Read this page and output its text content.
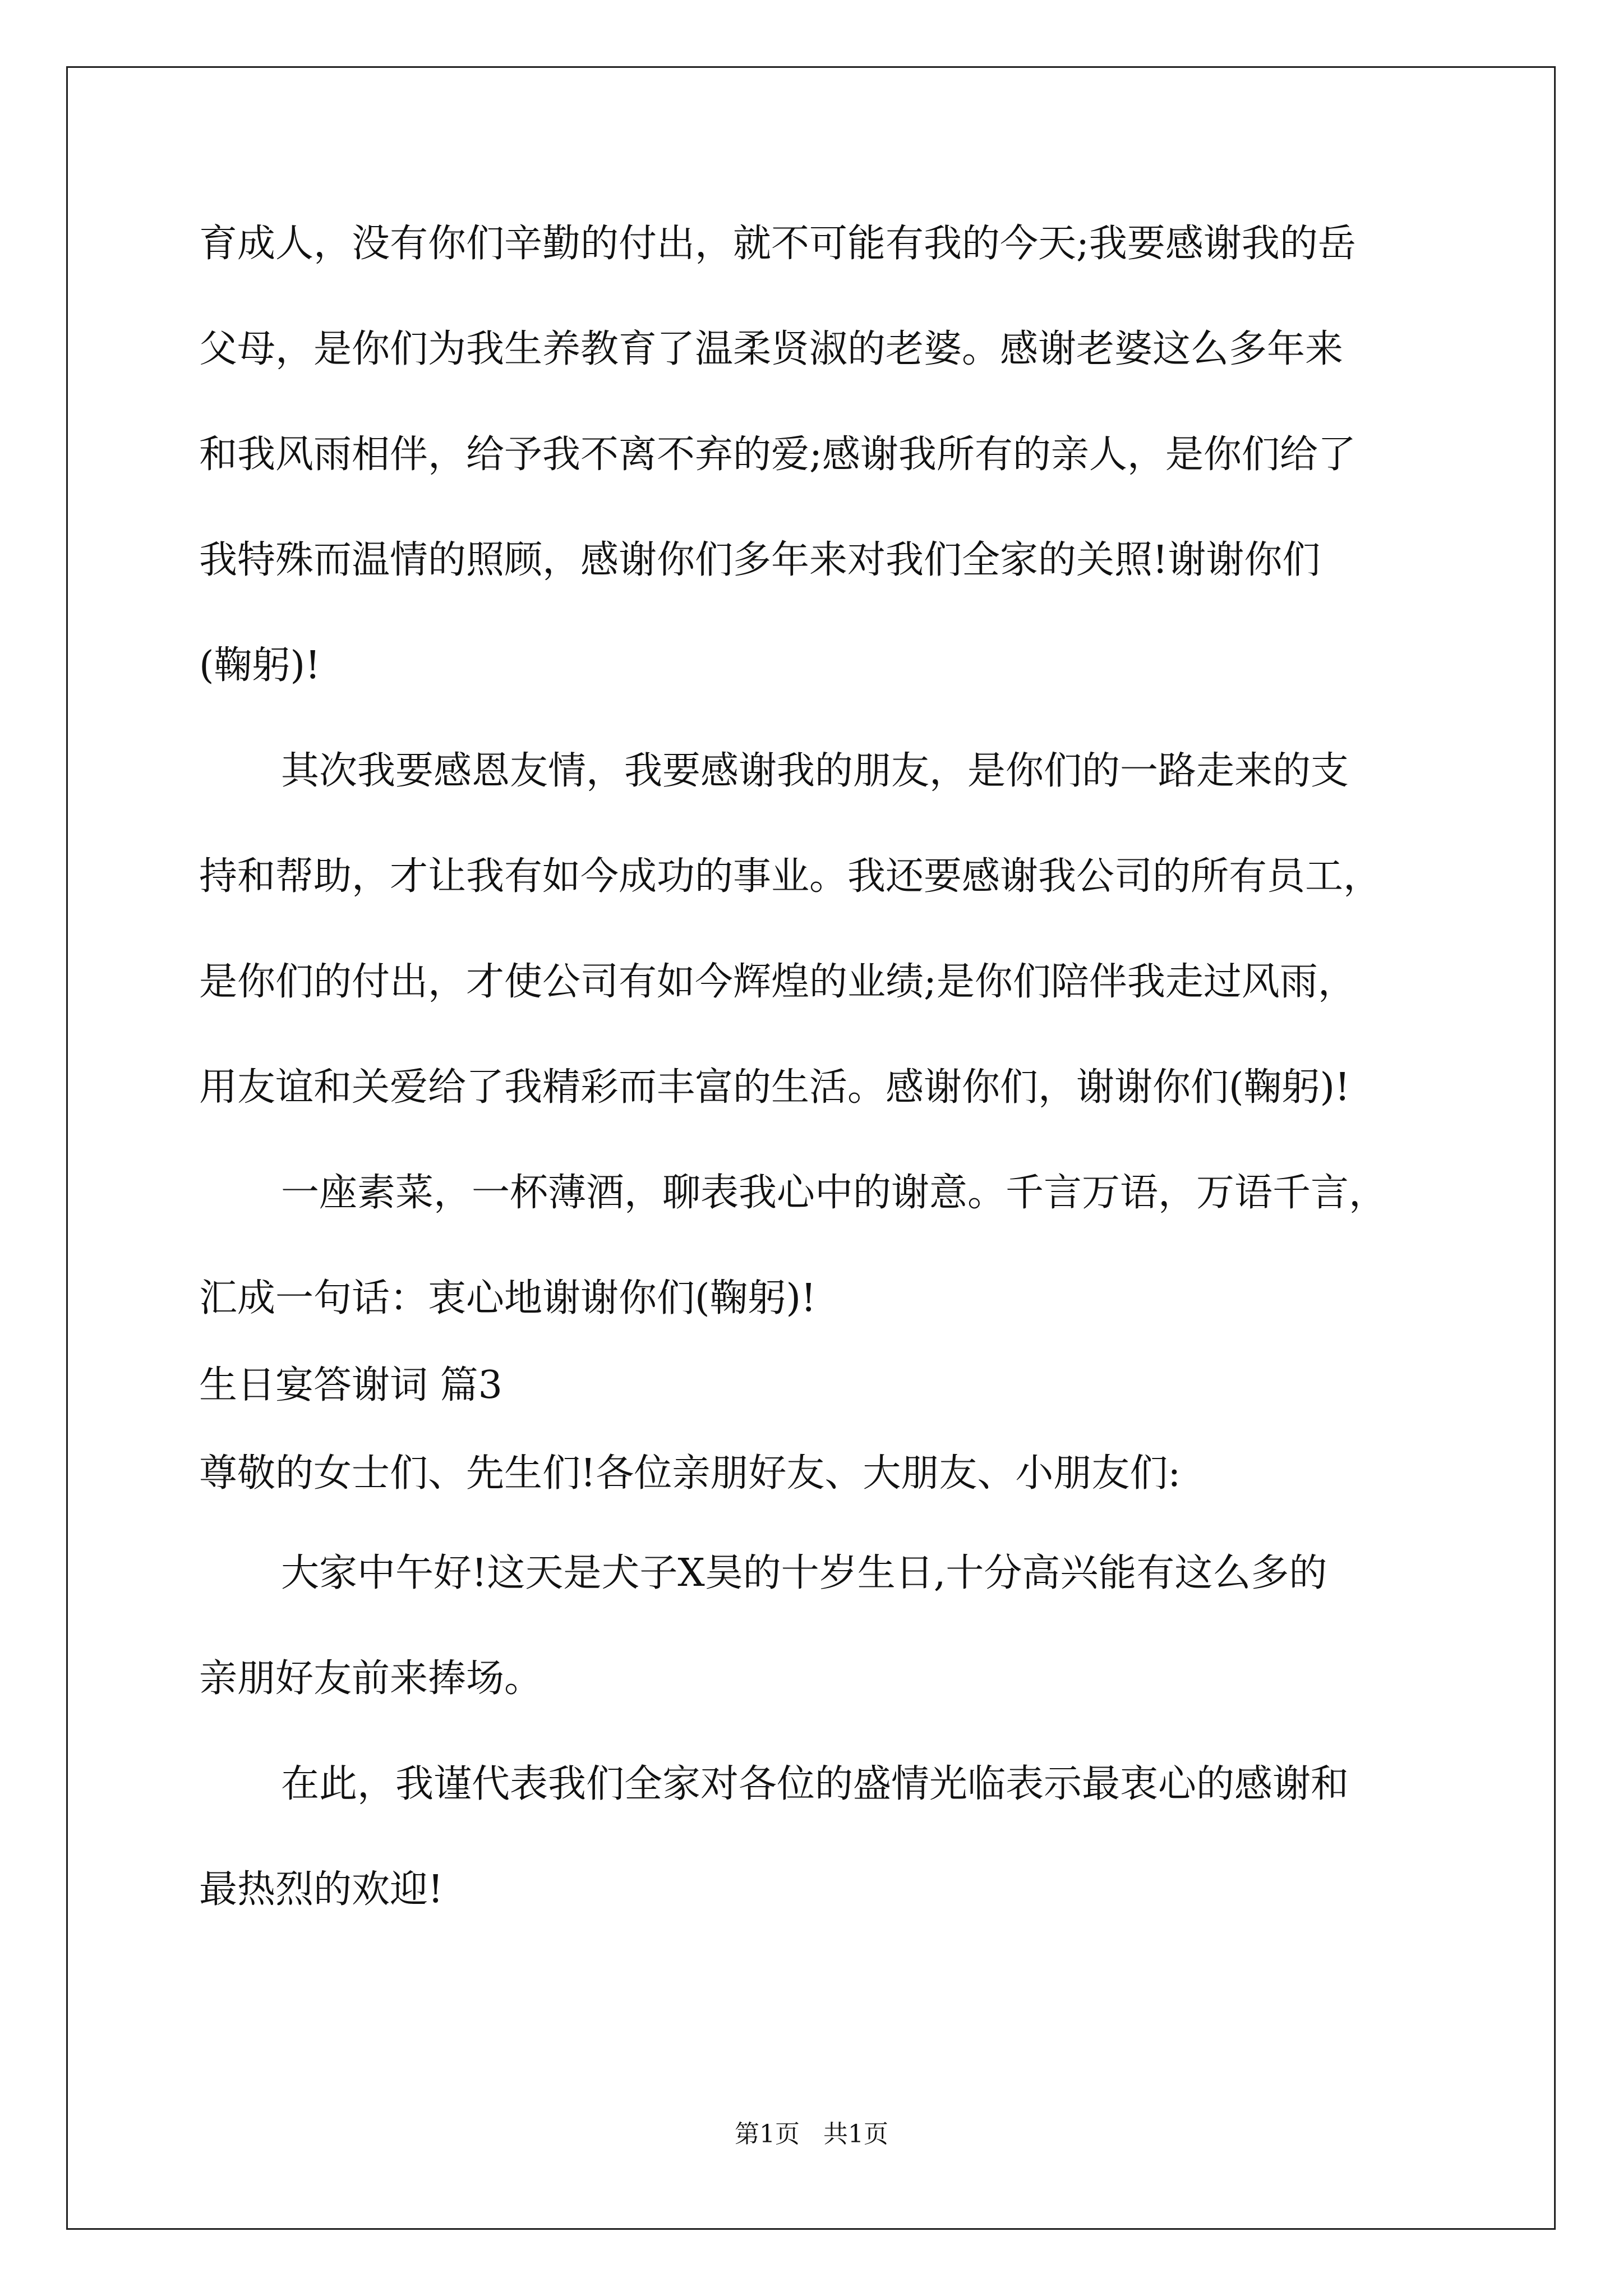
育成人，没有你们辛勤的付出，就不可能有我的今天;我要感谢我的岳
父母，是你们为我生养教育了温柔贤淑的老婆。感谢老婆这么多年来
和我风雨相伴，给予我不离不弃的爱;感谢我所有的亲人，是你们给了
我特殊而温情的照顾，感谢你们多年来对我们全家的关照!谢谢你们
(鞠躬)!
其次我要感恩友情，我要感谢我的朋友，是你们的一路走来的支
持和帮助，才让我有如今成功的事业。我还要感谢我公司的所有员工，
是你们的付出，才使公司有如今辉煌的业绩;是你们陪伴我走过风雨，
用友谊和关爱给了我精彩而丰富的生活。感谢你们，谢谢你们(鞠躬)!
一座素菜，一杯薄酒，聊表我心中的谢意。千言万语，万语千言，
汇成一句话：衷心地谢谢你们(鞠躬)!
生日宴答谢词 篇3
尊敬的女士们、先生们!各位亲朋好友、大朋友、小朋友们:
大家中午好!这天是犬子X昊的十岁生日,十分高兴能有这么多的
亲朋好友前来捧场。
在此，我谨代表我们全家对各位的盛情光临表示最衷心的感谢和
最热烈的欢迎!
第1页   共1页
